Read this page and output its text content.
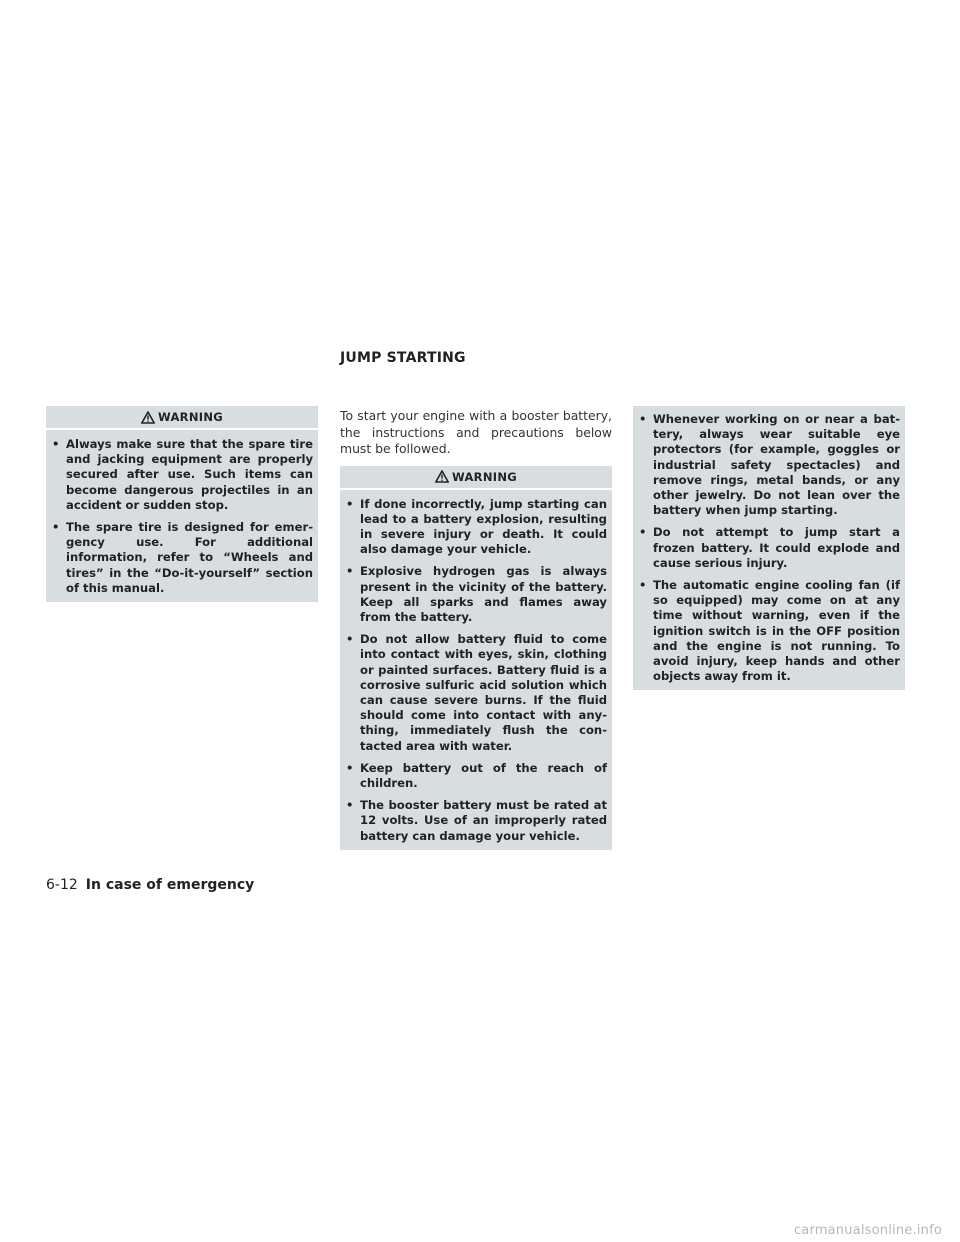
JUMP STARTING
WARNING
• Always make sure that the spare tire and jacking equipment are properly secured after use. Such items can become dangerous projectiles in an accident or sudden stop.
• The spare tire is designed for emergency use. For additional information, refer to “Wheels and tires” in the “Do-it-yourself” section of this manual.

To start your engine with a booster battery, the instructions and precautions below must be followed.

WARNING
• If done incorrectly, jump starting can lead to a battery explosion, resulting in severe injury or death. It could also damage your vehicle.
• Explosive hydrogen gas is always present in the vicinity of the battery. Keep all sparks and flames away from the battery.
• Do not allow battery fluid to come into contact with eyes, skin, clothing or painted surfaces. Battery fluid is a corrosive sulfuric acid solution which can cause severe burns. If the fluid should come into contact with anything, immediately flush the contacted area with water.
• Keep battery out of the reach of children.
• The booster battery must be rated at 12 volts. Use of an improperly rated battery can damage your vehicle.
• Whenever working on or near a battery, always wear suitable eye protectors (for example, goggles or industrial safety spectacles) and remove rings, metal bands, or any other jewelry. Do not lean over the battery when jump starting.
• Do not attempt to jump start a frozen battery. It could explode and cause serious injury.
• The automatic engine cooling fan (if so equipped) may come on at any time without warning, even if the ignition switch is in the OFF position and the engine is not running. To avoid injury, keep hands and other objects away from it.
6-12 In case of emergency
carmanualsonline.info
